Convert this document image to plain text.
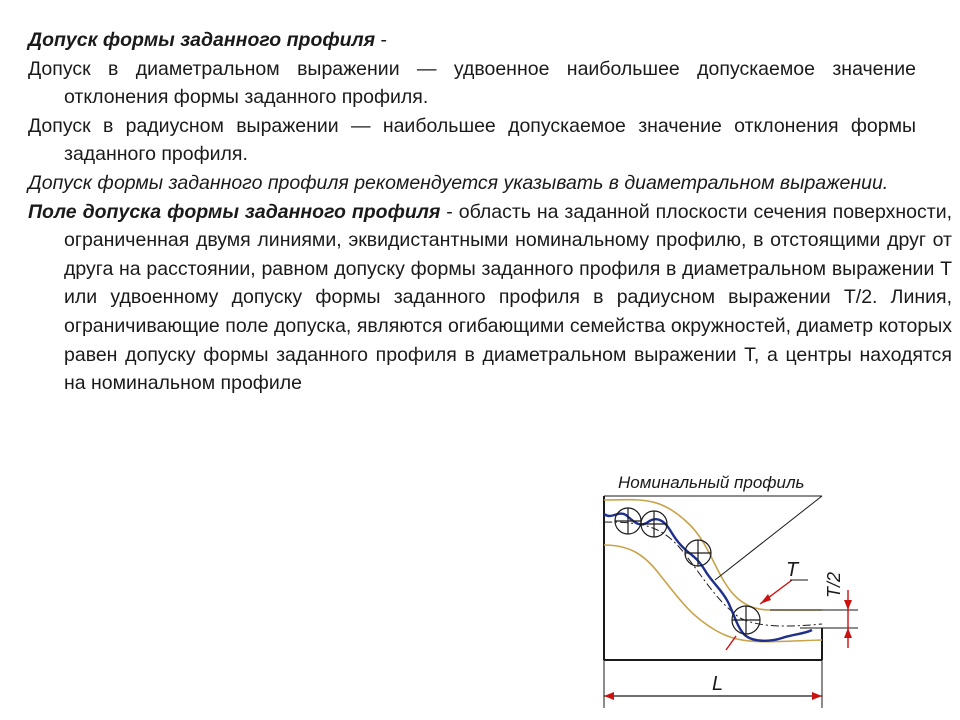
Допуск формы заданного профиля -

Допуск в диаметральном выражении — удвоенное наибольшее допускаемое значение отклонения формы заданного профиля.

Допуск в радиусном выражении — наибольшее допускаемое значение отклонения формы заданного профиля.

Допуск формы заданного профиля рекомендуется указывать в диаметральном выражении.

Поле допуска формы заданного профиля - область на заданной плоскости сечения поверхности, ограниченная двумя линиями, эквидистантными номинальному профилю, в отстоящими друг от друга на расстоянии, равном допуску формы заданного профиля в диаметральном выражении Т или удвоенному допуску формы заданного профиля в радиусном выражении Т/2. Линия, ограничивающие поле допуска, являются огибающими семейства окружностей, диаметр которых равен допуску формы заданного профиля в диаметральном выражении Т, а центры находятся на номинальном профиле

Номинальный профиль
T
T/2
L
